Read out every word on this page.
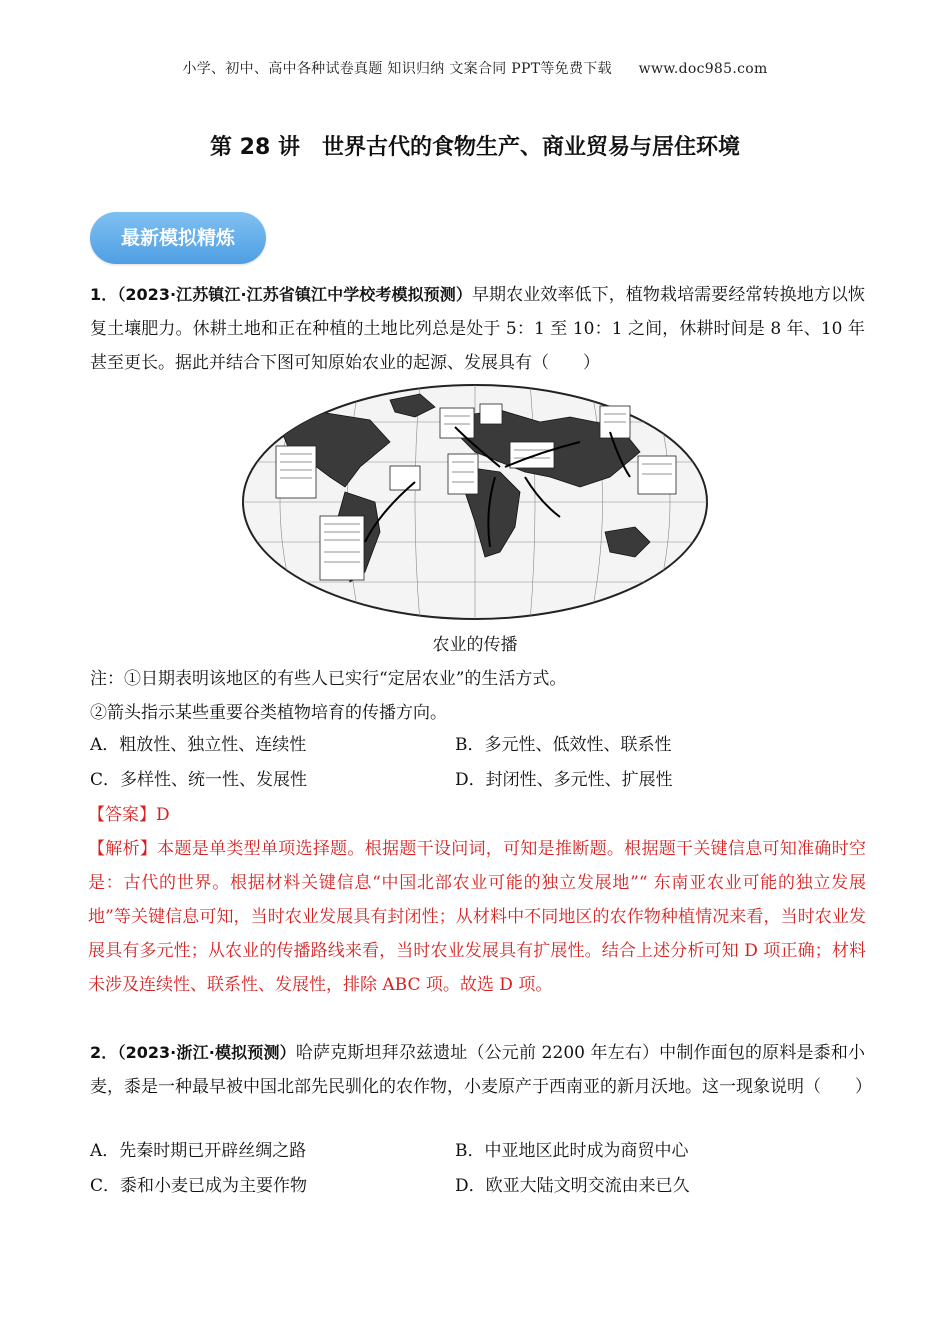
小学、初中、高中各种试卷真题 知识归纳 文案合同 PPT等免费下载 www.doc985.com
第 28 讲 世界古代的食物生产、商业贸易与居住环境
最新模拟精炼
1．（2023·江苏镇江·江苏省镇江中学校考模拟预测）早期农业效率低下，植物栽培需要经常转换地方以恢复土壤肥力。休耕土地和正在种植的土地比列总是处于 5：1 至 10：1 之间，休耕时间是 8 年、10 年甚至更长。据此并结合下图可知原始农业的起源、发展具有（　　）
农业的传播
注：①日期表明该地区的有些人已实行“定居农业”的生活方式。
②箭头指示某些重要谷类植物培育的传播方向。
A．粗放性、独立性、连续性	B．多元性、低效性、联系性
C．多样性、统一性、发展性	D．封闭性、多元性、扩展性
【答案】D
【解析】本题是单类型单项选择题。根据题干设问词，可知是推断题。根据题干关键信息可知准确时空是：古代的世界。根据材料关键信息“中国北部农业可能的独立发展地”“ 东南亚农业可能的独立发展地”等关键信息可知，当时农业发展具有封闭性；从材料中不同地区的农作物种植情况来看，当时农业发展具有多元性；从农业的传播路线来看，当时农业发展具有扩展性。结合上述分析可知 D 项正确；材料未涉及连续性、联系性、发展性，排除 ABC 项。故选 D 项。
2．（2023·浙江·模拟预测）哈萨克斯坦拜尕兹遗址（公元前 2200 年左右）中制作面包的原料是黍和小麦，黍是一种最早被中国北部先民驯化的农作物，小麦原产于西南亚的新月沃地。这一现象说明（　　）
A．先秦时期已开辟丝绸之路	B．中亚地区此时成为商贸中心
C．黍和小麦已成为主要作物	D．欧亚大陆文明交流由来已久
